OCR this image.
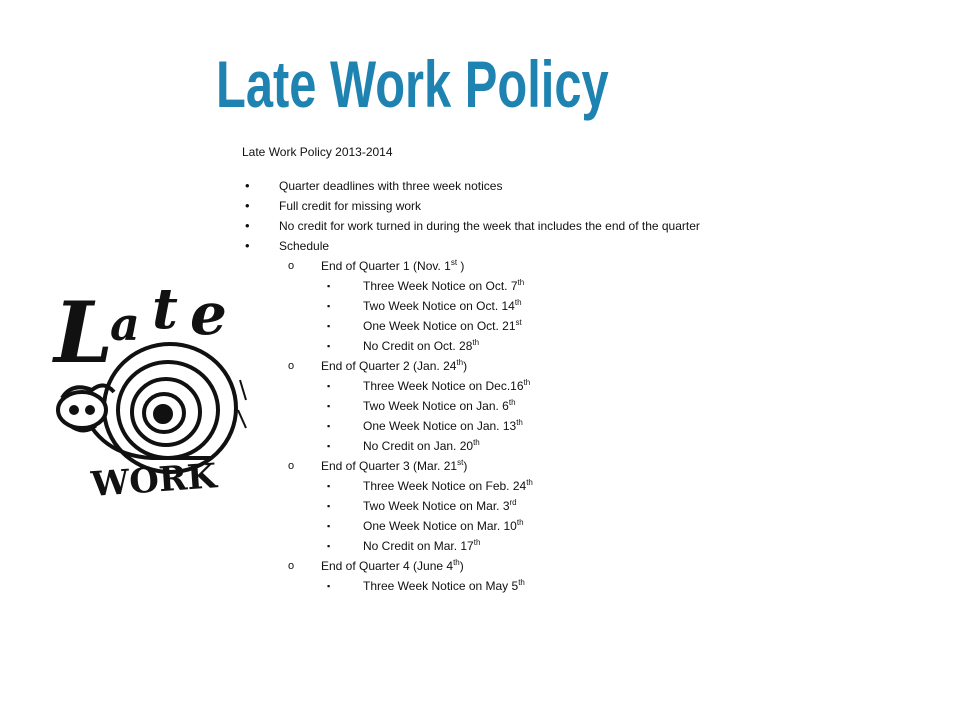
Late Work Policy
Late Work Policy 2013-2014
• Quarter deadlines with three week notices
• Full credit for missing work
• No credit for work turned in during the week that includes the end of the quarter
• Schedule
o End of Quarter 1 (Nov. 1st )
▪	Three Week Notice on Oct. 7th
▪	Two Week Notice on Oct. 14th
▪	One Week Notice on Oct. 21st
▪	No Credit on Oct. 28th
o End of Quarter 2 (Jan. 24th)
▪	Three Week Notice on Dec.16th
▪	Two Week Notice on Jan. 6th
▪	One Week Notice on Jan. 13th
▪	No Credit on Jan. 20th
o End of Quarter 3 (Mar. 21st)
▪	Three Week Notice on Feb. 24th
▪	Two Week Notice on Mar. 3rd
▪	One Week Notice on Mar. 10th
▪	No Credit on Mar. 17th
o End of Quarter 4 (June 4th)
▪	Three Week Notice on May 5th
L
a t e
Late
WORK
